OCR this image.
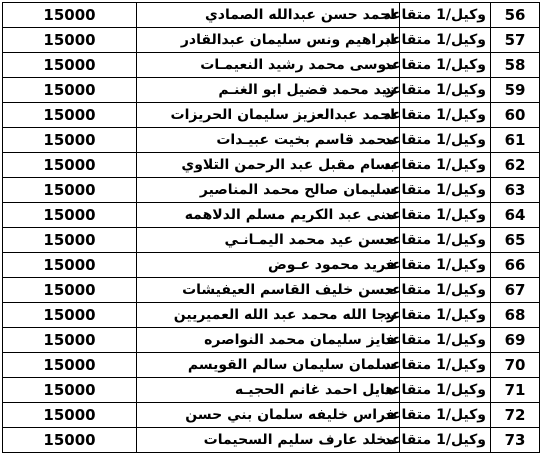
56	وكيل/1 متقاعد	احمد حسن عبدالله الصمادي	15000
57	وكيل/1 متقاعد	ابراهيم ونس سليمان عبدالقادر	15000
58	وكيل/1 متقاعد	موسى محمد رشيد النعيمـات	15000
59	وكيل/1 متقاعد	زيد محمد فضيل ابو الغنـم	15000
60	وكيل/1 متقاعد	احمد عبدالعزيز سليمان الحريزات	15000
61	وكيل/1 متقاعد	محمد قاسم بخيت عبيـدات	15000
62	وكيل/1 متقاعد	بسام مقبل عبد الرحمن التلاوي	15000
63	وكيل/1 متقاعد	سليمان صالح محمد المناصير	15000
64	وكيل/1 متقاعد	منى عبد الكريم مسلم الدلاهمه	15000
65	وكيل/1 متقاعد	حسن عيد محمد اليمـانـي	15000
66	وكيل/1 متقاعد	فريد محمود عـوض	15000
67	وكيل/1 متقاعد	حسن خليف القاسم العيفيشات	15000
68	وكيل/1 متقاعد	رجا الله محمد عبد الله العميريين	15000
69	وكيل/1 متقاعد	فايز سليمان محمد النواصره	15000
70	وكيل/1 متقاعد	سلمان سليمان سالم القويسم	15000
71	وكيل/1 متقاعد	هايل احمد غانم الحجيـه	15000
72	وكيل/1 متقاعد	فراس خليفه سلمان بني حسن	15000
73	وكيل/1 متقاعد	مخلد عارف سليم السحيمات	15000
